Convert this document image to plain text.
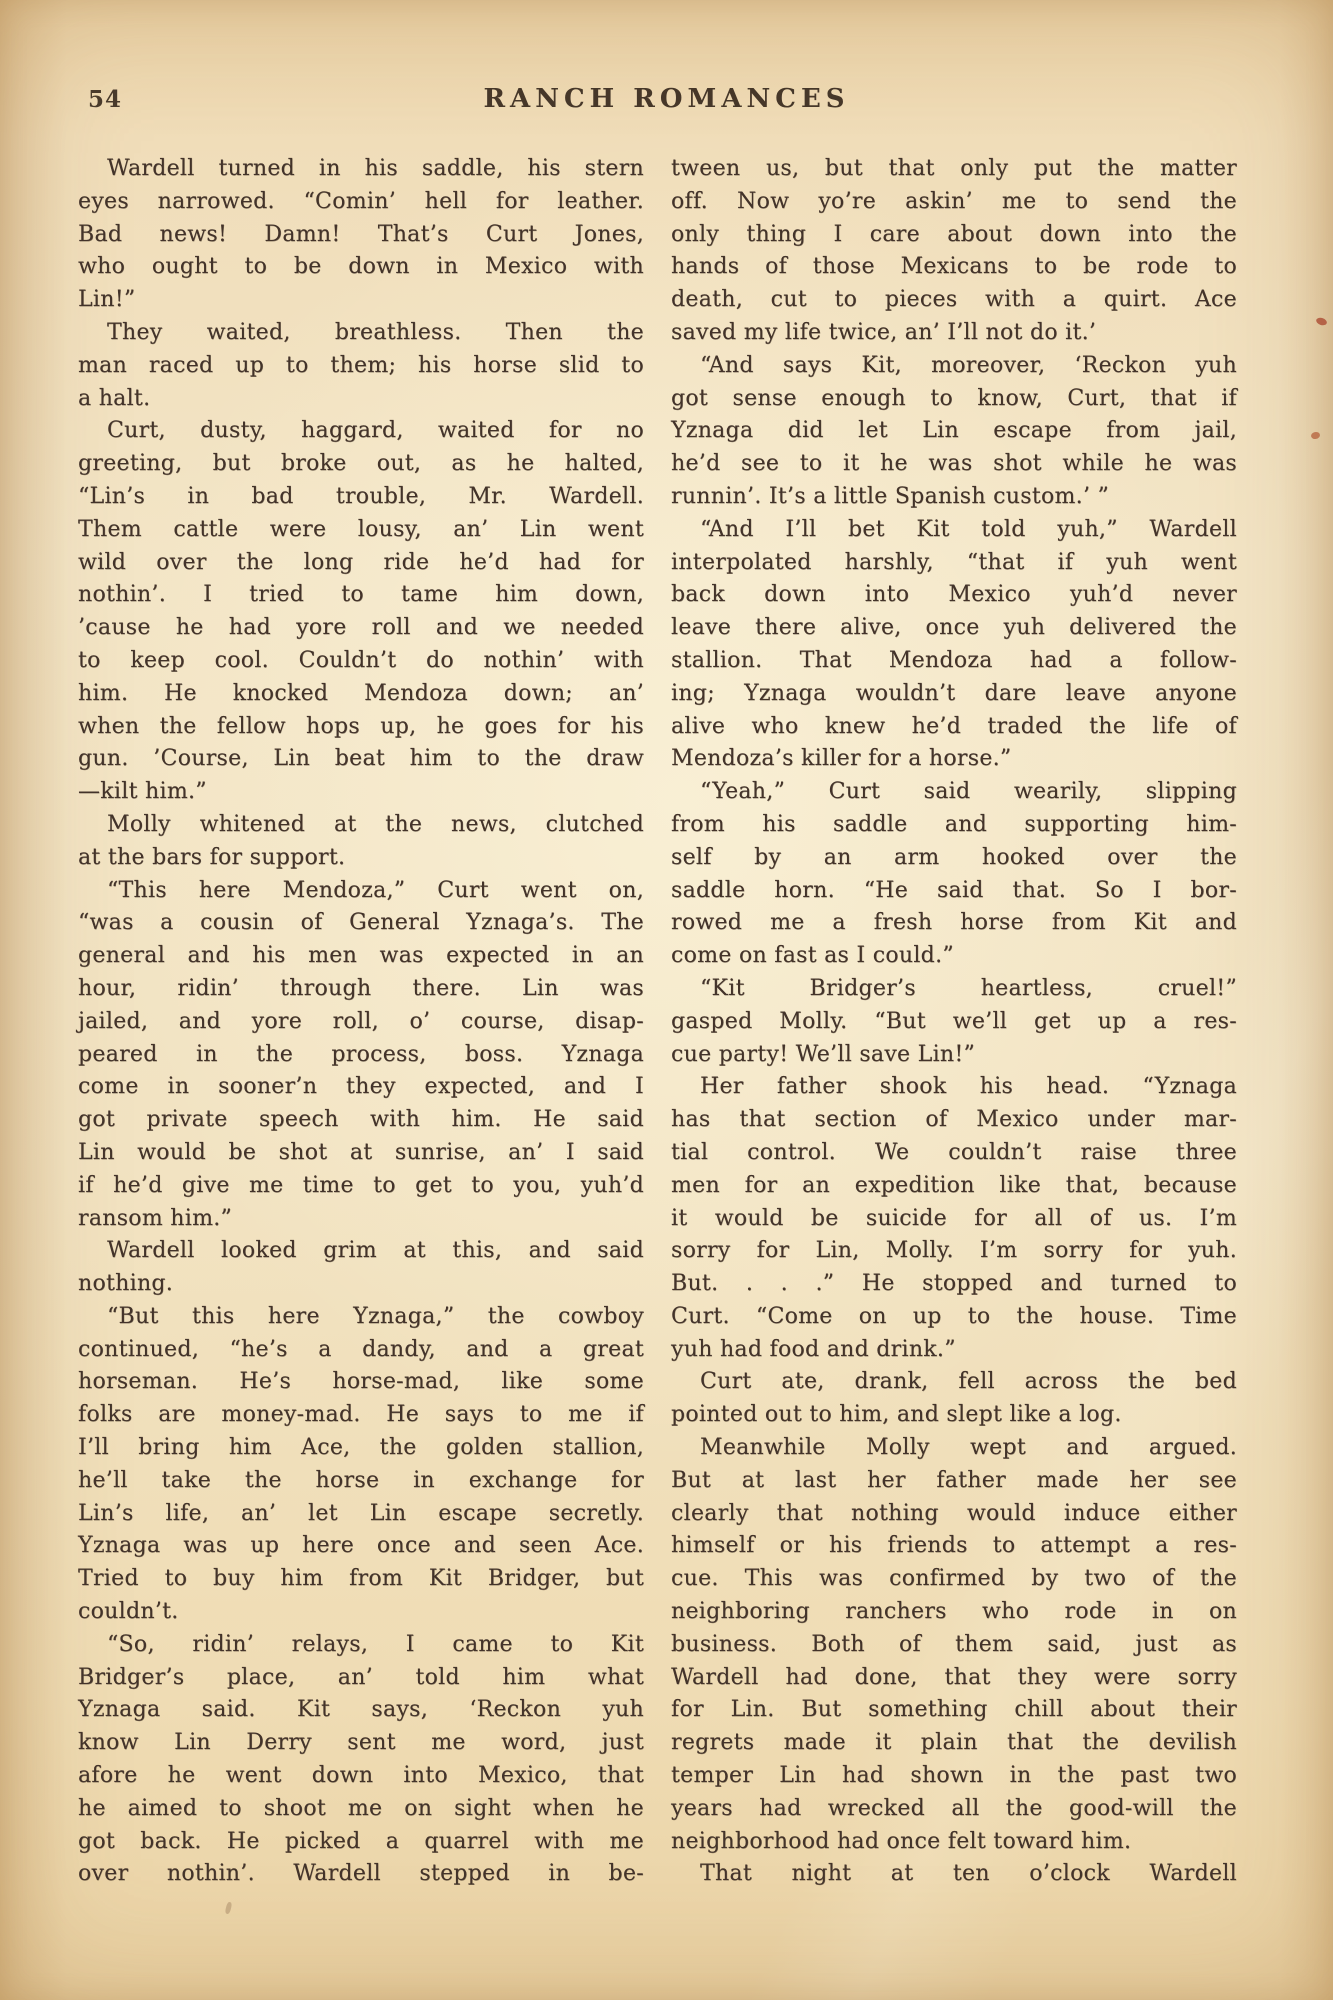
54	RANCH ROMANCES
Wardell turned in his saddle, his stern
eyes narrowed. “Comin’ hell for leather.
Bad news! Damn! That’s Curt Jones,
who ought to be down in Mexico with
Lin!”
They waited, breathless. Then the
man raced up to them; his horse slid to
a halt.
Curt, dusty, haggard, waited for no
greeting, but broke out, as he halted,
“Lin’s in bad trouble, Mr. Wardell.
Them cattle were lousy, an’ Lin went
wild over the long ride he’d had for
nothin’. I tried to tame him down,
’cause he had yore roll and we needed
to keep cool. Couldn’t do nothin’ with
him. He knocked Mendoza down; an’
when the fellow hops up, he goes for his
gun. ’Course, Lin beat him to the draw
—kilt him.”
Molly whitened at the news, clutched
at the bars for support.
“This here Mendoza,” Curt went on,
“was a cousin of General Yznaga’s. The
general and his men was expected in an
hour, ridin’ through there. Lin was
jailed, and yore roll, o’ course, disap-
peared in the process, boss. Yznaga
come in sooner’n they expected, and I
got private speech with him. He said
Lin would be shot at sunrise, an’ I said
if he’d give me time to get to you, yuh’d
ransom him.”
Wardell looked grim at this, and said
nothing.
“But this here Yznaga,” the cowboy
continued, “he’s a dandy, and a great
horseman. He’s horse-mad, like some
folks are money-mad. He says to me if
I’ll bring him Ace, the golden stallion,
he’ll take the horse in exchange for
Lin’s life, an’ let Lin escape secretly.
Yznaga was up here once and seen Ace.
Tried to buy him from Kit Bridger, but
couldn’t.
“So, ridin’ relays, I came to Kit
Bridger’s place, an’ told him what
Yznaga said. Kit says, ‘Reckon yuh
know Lin Derry sent me word, just
afore he went down into Mexico, that
he aimed to shoot me on sight when he
got back. He picked a quarrel with me
over nothin’. Wardell stepped in be-
tween us, but that only put the matter
off. Now yo’re askin’ me to send the
only thing I care about down into the
hands of those Mexicans to be rode to
death, cut to pieces with a quirt. Ace
saved my life twice, an’ I’ll not do it.’
“And says Kit, moreover, ‘Reckon yuh
got sense enough to know, Curt, that if
Yznaga did let Lin escape from jail,
he’d see to it he was shot while he was
runnin’. It’s a little Spanish custom.’ ”
“And I’ll bet Kit told yuh,” Wardell
interpolated harshly, “that if yuh went
back down into Mexico yuh’d never
leave there alive, once yuh delivered the
stallion. That Mendoza had a follow-
ing; Yznaga wouldn’t dare leave anyone
alive who knew he’d traded the life of
Mendoza’s killer for a horse.”
“Yeah,” Curt said wearily, slipping
from his saddle and supporting him-
self by an arm hooked over the
saddle horn. “He said that. So I bor-
rowed me a fresh horse from Kit and
come on fast as I could.”
“Kit Bridger’s heartless, cruel!”
gasped Molly. “But we’ll get up a res-
cue party! We’ll save Lin!”
Her father shook his head. “Yznaga
has that section of Mexico under mar-
tial control. We couldn’t raise three
men for an expedition like that, because
it would be suicide for all of us. I’m
sorry for Lin, Molly. I’m sorry for yuh.
But. . . .” He stopped and turned to
Curt. “Come on up to the house. Time
yuh had food and drink.”
Curt ate, drank, fell across the bed
pointed out to him, and slept like a log.
Meanwhile Molly wept and argued.
But at last her father made her see
clearly that nothing would induce either
himself or his friends to attempt a res-
cue. This was confirmed by two of the
neighboring ranchers who rode in on
business. Both of them said, just as
Wardell had done, that they were sorry
for Lin. But something chill about their
regrets made it plain that the devilish
temper Lin had shown in the past two
years had wrecked all the good-will the
neighborhood had once felt toward him.
That night at ten o’clock Wardell
